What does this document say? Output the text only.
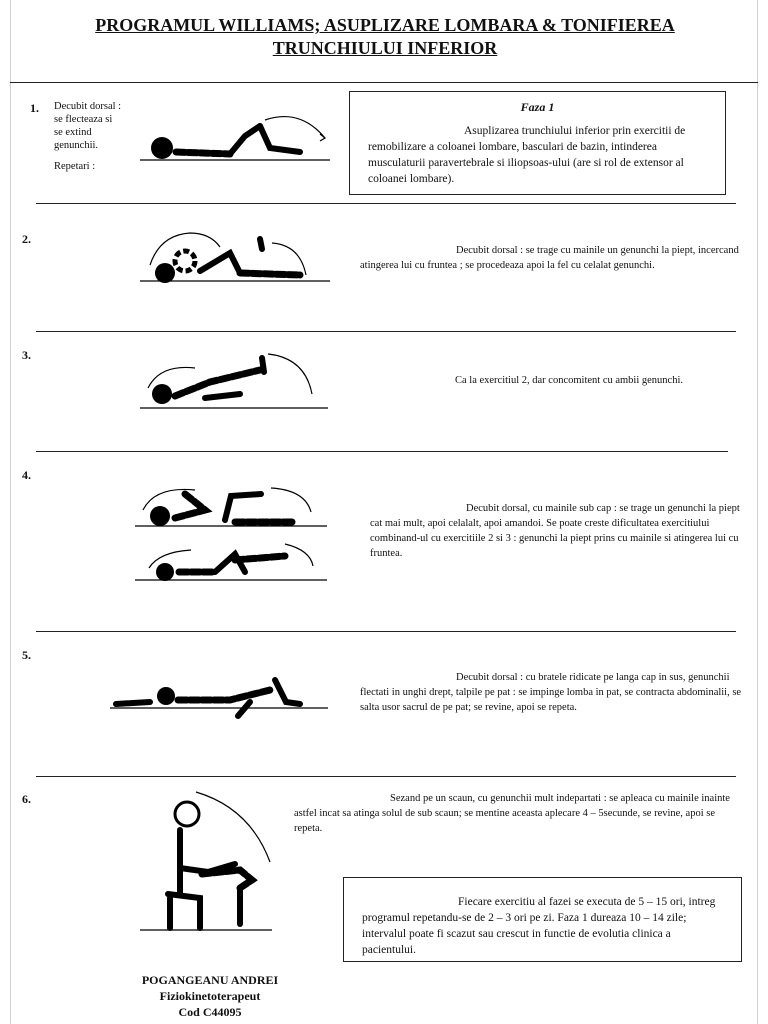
PROGRAMUL WILLIAMS; ASUPLIZARE LOMBARA & TONIFIEREA TRUNCHIULUI INFERIOR
1. Decubit dorsal :
se flecteaza si
se extind
genunchii.
Repetari :
Faza 1
Asuplizarea trunchiului inferior prin exercitii de remobilizare a coloanei lombare, basculari de bazin, intinderea musculaturii paravertebrale si iliopsoas-ului (are si rol de extensor al coloanei lombare).
2.
Decubit dorsal : se trage cu mainile un genunchi la piept, incercand atingerea lui cu fruntea ; se procedeaza apoi la fel cu celalat genunchi.
3.
Ca la exercitiul 2, dar concomitent cu ambii genunchi.
4.
Decubit dorsal, cu mainile sub cap : se trage un genunchi la piept cat mai mult, apoi celalalt, apoi amandoi. Se poate creste dificultatea exercitiului combinand-ul cu exercitiile 2 si 3 : genunchi la piept prins cu mainile si atingerea lui cu fruntea.
5.
Decubit dorsal : cu bratele ridicate pe langa cap in sus, genunchii flectati in unghi drept, talpile pe pat : se impinge lomba in pat, se contracta abdominalii, se salta usor sacrul de pe pat; se revine, apoi se repeta.
6.	Sezand pe un scaun, cu genunchii mult indepartati : se apleaca cu mainile inainte astfel incat sa atinga solul de sub scaun; se mentine aceasta aplecare 4 – 5secunde, se revine, apoi se repeta.
Fiecare exercitiu al fazei se executa de 5 – 15 ori, intreg programul repetandu-se de 2 – 3 ori pe zi. Faza 1 dureaza 10 – 14 zile; intervalul poate fi scazut sau crescut in functie de evolutia clinica a pacientului.
POGANGEANU ANDREI
Fiziokinetoterapeut
Cod C44095
